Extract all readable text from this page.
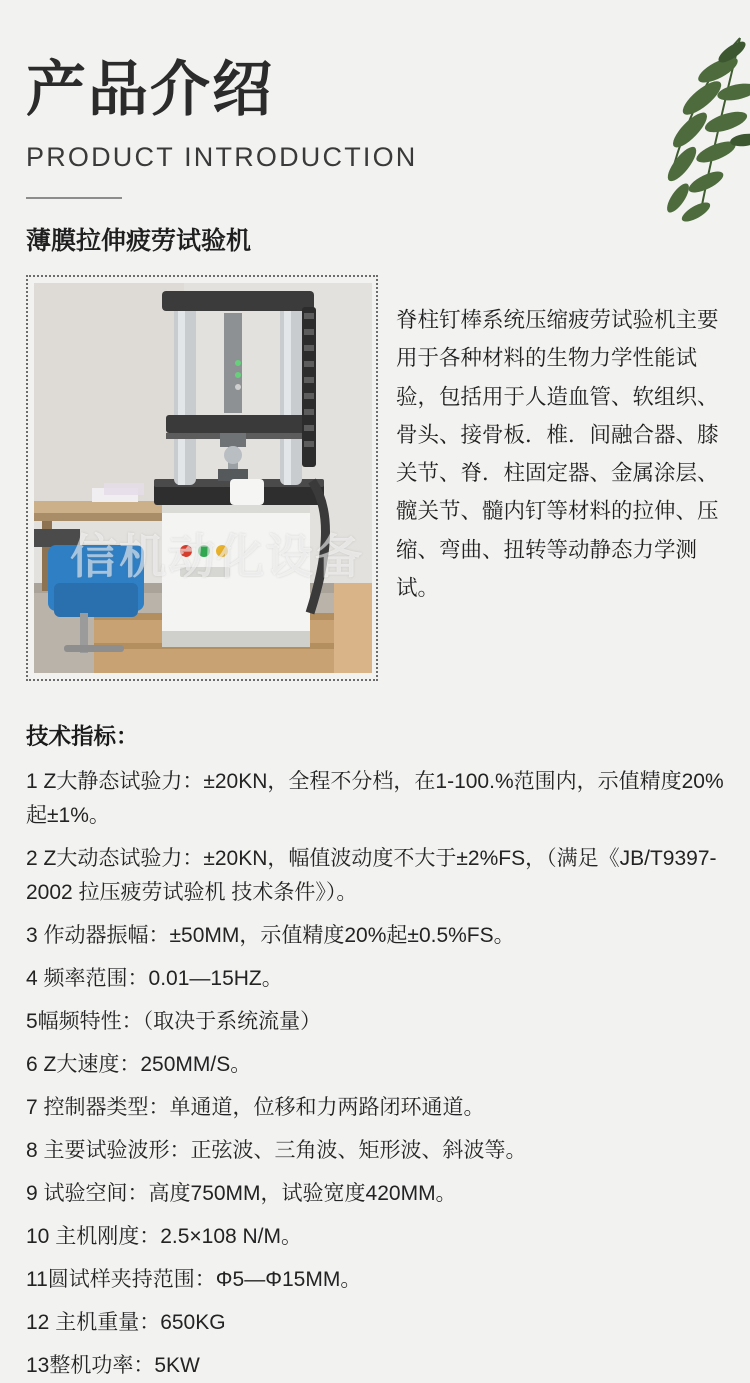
产品介绍
PRODUCT INTRODUCTION
薄膜拉伸疲劳试验机
脊柱钉棒系统压缩疲劳试验机主要用于各种材料的生物力学性能试验，包括用于人造血管、软组织、骨头、接骨板．椎．间融合器、膝关节、脊．柱固定器、金属涂层、髋关节、髓内钉等材料的拉伸、压缩、弯曲、扭转等动静态力学测试。
信机动化设备
技术指标：
1 Z大静态试验力：±20KN，全程不分档，在1-100.%范围内，示值精度20%起±1%。
2 Z大动态试验力：±20KN，幅值波动度不大于±2%FS，（满足《JB/T9397-2002 拉压疲劳试验机 技术条件》）。
3 作动器振幅：±50MM，示值精度20%起±0.5%FS。
4 频率范围：0.01—15HZ。
5幅频特性：（取决于系统流量）
6 Z大速度：250MM/S。
7 控制器类型：单通道，位移和力两路闭环通道。
8 主要试验波形：正弦波、三角波、矩形波、斜波等。
9 试验空间：高度750MM，试验宽度420MM。
10 主机刚度：2.5×108 N/M。
11圆试样夹持范围：Φ5—Φ15MM。
12 主机重量：650KG
13整机功率：5KW
